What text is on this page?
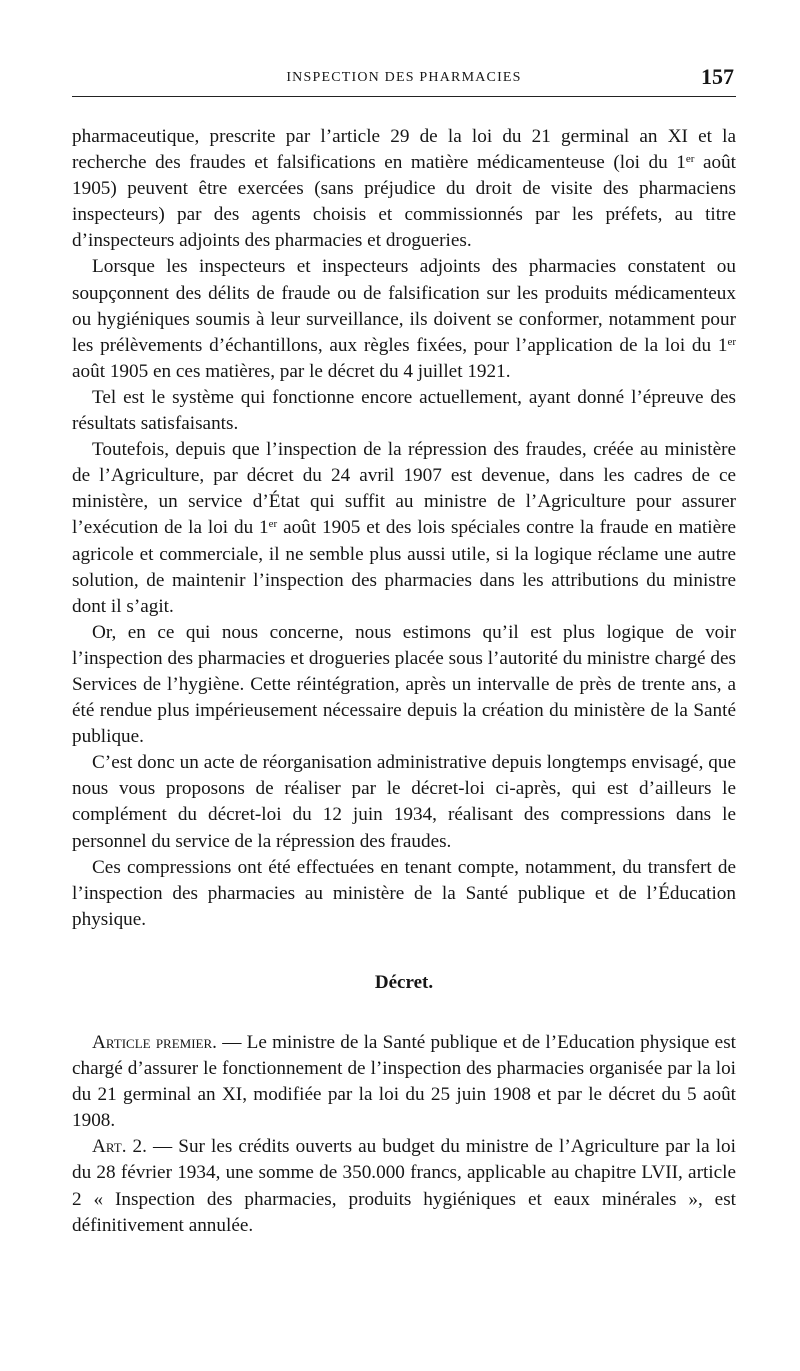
INSPECTION DES PHARMACIES	157

pharmaceutique, prescrite par l’article 29 de la loi du 21 germinal an XI et la recherche des fraudes et falsifications en matière médicamenteuse (loi du 1er août 1905) peuvent être exercées (sans préjudice du droit de visite des pharmaciens inspecteurs) par des agents choisis et commissionnés par les préfets, au titre d’inspecteurs adjoints des pharmacies et drogueries.

Lorsque les inspecteurs et inspecteurs adjoints des pharmacies constatent ou soupçonnent des délits de fraude ou de falsification sur les produits médicamenteux ou hygiéniques soumis à leur surveillance, ils doivent se conformer, notamment pour les prélèvements d’échantillons, aux règles fixées, pour l’application de la loi du 1er août 1905 en ces matières, par le décret du 4 juillet 1921.

Tel est le système qui fonctionne encore actuellement, ayant donné l’épreuve des résultats satisfaisants.

Toutefois, depuis que l’inspection de la répression des fraudes, créée au ministère de l’Agriculture, par décret du 24 avril 1907 est devenue, dans les cadres de ce ministère, un service d’État qui suffit au ministre de l’Agriculture pour assurer l’exécution de la loi du 1er août 1905 et des lois spéciales contre la fraude en matière agricole et commerciale, il ne semble plus aussi utile, si la logique réclame une autre solution, de maintenir l’inspection des pharmacies dans les attributions du ministre dont il s’agit.

Or, en ce qui nous concerne, nous estimons qu’il est plus logique de voir l’inspection des pharmacies et drogueries placée sous l’autorité du ministre chargé des Services de l’hygiène. Cette réintégration, après un intervalle de près de trente ans, a été rendue plus impérieusement nécessaire depuis la création du ministère de la Santé publique.

C’est donc un acte de réorganisation administrative depuis longtemps envisagé, que nous vous proposons de réaliser par le décret-loi ci-après, qui est d’ailleurs le complément du décret-loi du 12 juin 1934, réalisant des compressions dans le personnel du service de la répression des fraudes.

Ces compressions ont été effectuées en tenant compte, notamment, du transfert de l’inspection des pharmacies au ministère de la Santé publique et de l’Éducation physique.

Décret.

Article premier. — Le ministre de la Santé publique et de l’Education physique est chargé d’assurer le fonctionnement de l’inspection des pharmacies organisée par la loi du 21 germinal an XI, modifiée par la loi du 25 juin 1908 et par le décret du 5 août 1908.

Art. 2. — Sur les crédits ouverts au budget du ministre de l’Agriculture par la loi du 28 février 1934, une somme de 350.000 francs, applicable au chapitre LVII, article 2 « Inspection des pharmacies, produits hygiéniques et eaux minérales », est définitivement annulée.
